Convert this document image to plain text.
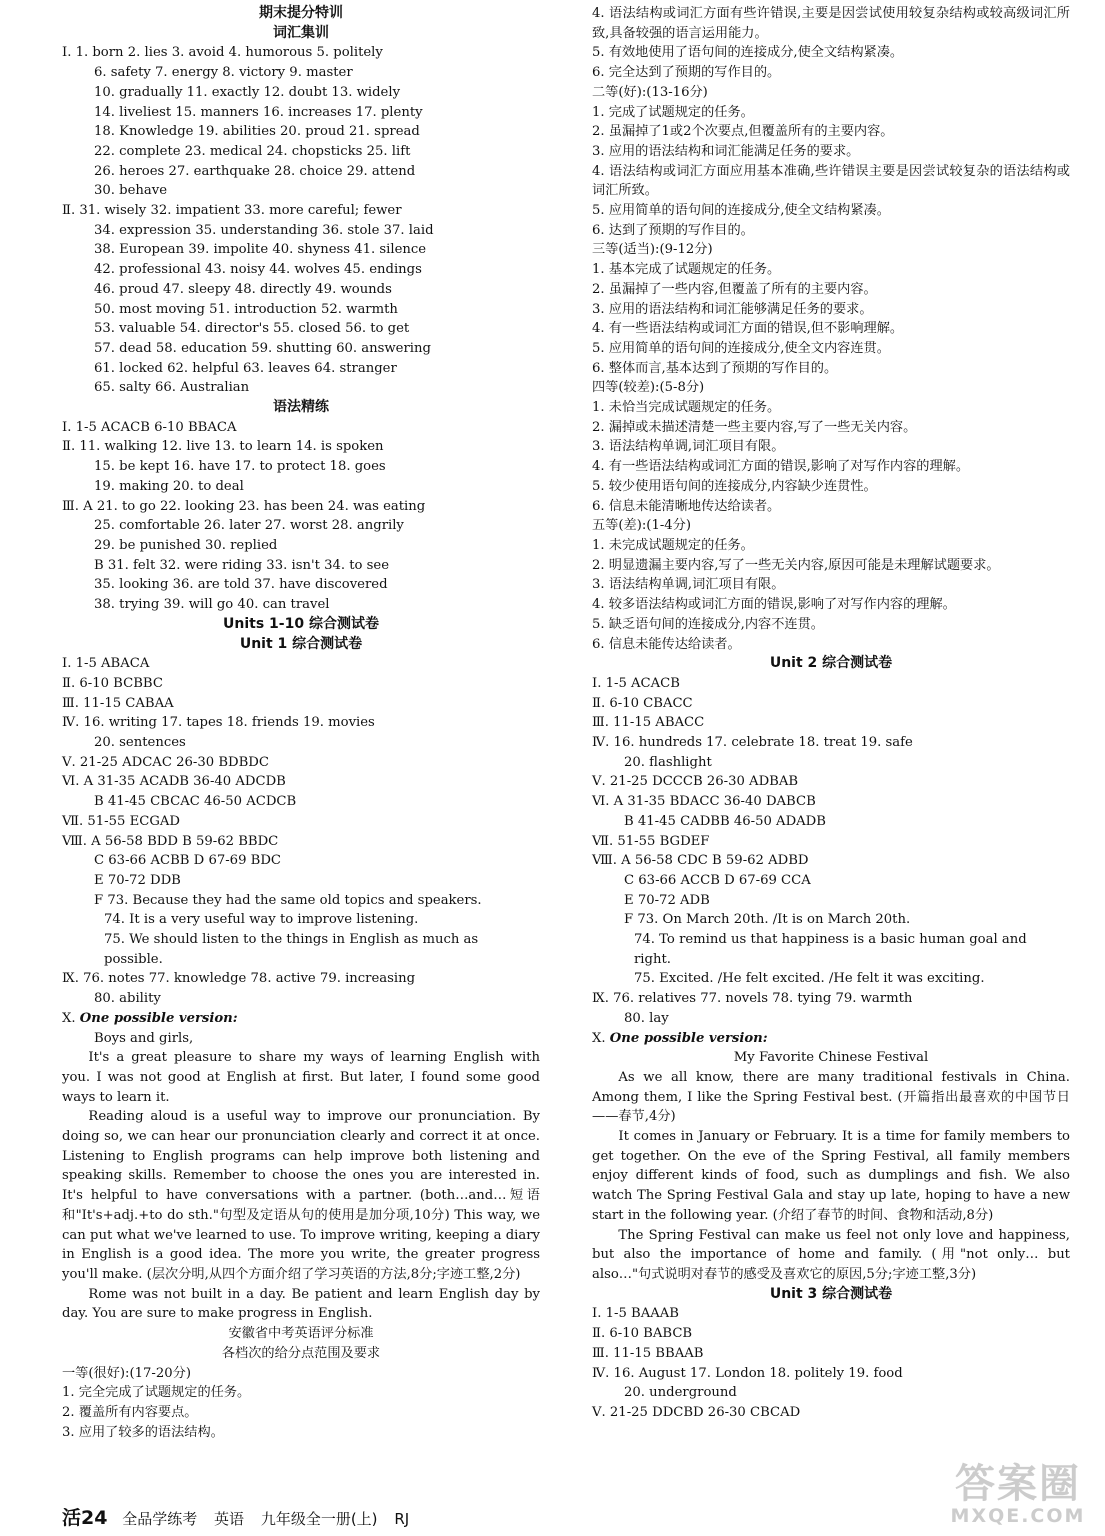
期末提分特训
词汇集训
Ⅰ. 1. born 2. lies 3. avoid 4. humorous 5. politely
6. safety 7. energy 8. victory 9. master
10. gradually 11. exactly 12. doubt 13. widely
14. liveliest 15. manners 16. increases 17. plenty
18. Knowledge 19. abilities 20. proud 21. spread
22. complete 23. medical 24. chopsticks 25. lift
26. heroes 27. earthquake 28. choice 29. attend
30. behave
Ⅱ. 31. wisely 32. impatient 33. more careful; fewer
34. expression 35. understanding 36. stole 37. laid
38. European 39. impolite 40. shyness 41. silence
42. professional 43. noisy 44. wolves 45. endings
46. proud 47. sleepy 48. directly 49. wounds
50. most moving 51. introduction 52. warmth
53. valuable 54. director's 55. closed 56. to get
57. dead 58. education 59. shutting 60. answering
61. locked 62. helpful 63. leaves 64. stranger
65. salty 66. Australian
语法精练
Ⅰ. 1-5 ACACB 6-10 BBACA
Ⅱ. 11. walking 12. live 13. to learn 14. is spoken
15. be kept 16. have 17. to protect 18. goes
19. making 20. to deal
Ⅲ. A 21. to go 22. looking 23. has been 24. was eating
25. comfortable 26. later 27. worst 28. angrily
29. be punished 30. replied
B 31. felt 32. were riding 33. isn't 34. to see
35. looking 36. are told 37. have discovered
38. trying 39. will go 40. can travel
Units 1-10 综合测试卷
Unit 1 综合测试卷
Ⅰ. 1-5 ABACA
Ⅱ. 6-10 BCBBC
Ⅲ. 11-15 CABAA
Ⅳ. 16. writing 17. tapes 18. friends 19. movies
20. sentences
Ⅴ. 21-25 ADCAC 26-30 BDBDC
Ⅵ. A 31-35 ACADB 36-40 ADCDB
B 41-45 CBCAC 46-50 ACDCB
Ⅶ. 51-55 ECGAD
Ⅷ. A 56-58 BDD B 59-62 BBDC
C 63-66 ACBB D 67-69 BDC
E 70-72 DDB
F 73. Because they had the same old topics and speakers.
74. It is a very useful way to improve listening.
75. We should listen to the things in English as much as
possible.
Ⅸ. 76. notes 77. knowledge 78. active 79. increasing
80. ability
Ⅹ. One possible version:
Boys and girls,
It's a great pleasure to share my ways of learning English with you. I was not good at English at first. But later, I found some good ways to learn it.
Reading aloud is a useful way to improve our pronunciation. By doing so, we can hear our pronunciation clearly and correct it at once. Listening to English programs can help improve both listening and speaking skills. Remember to choose the ones you are interested in. It's helpful to have conversations with a partner. (both…and…短语和"It's+adj.+to do sth."句型及定语从句的使用是加分项,10分) This way, we can put what we've learned to use. To improve writing, keeping a diary in English is a good idea. The more you write, the greater progress you'll make. (层次分明,从四个方面介绍了学习英语的方法,8分;字迹工整,2分)
Rome was not built in a day. Be patient and learn English day by day. You are sure to make progress in English.
安徽省中考英语评分标准
各档次的给分点范围及要求
一等(很好):(17-20分)
1. 完全完成了试题规定的任务。
2. 覆盖所有内容要点。
3. 应用了较多的语法结构。
4. 语法结构或词汇方面有些许错误,主要是因尝试使用较复杂结构或较高级词汇所致,具备较强的语言运用能力。
5. 有效地使用了语句间的连接成分,使全文结构紧凑。
6. 完全达到了预期的写作目的。
二等(好):(13-16分)
1. 完成了试题规定的任务。
2. 虽漏掉了1或2个次要点,但覆盖所有的主要内容。
3. 应用的语法结构和词汇能满足任务的要求。
4. 语法结构或词汇方面应用基本准确,些许错误主要是因尝试较复杂的语法结构或词汇所致。
5. 应用简单的语句间的连接成分,使全文结构紧凑。
6. 达到了预期的写作目的。
三等(适当):(9-12分)
1. 基本完成了试题规定的任务。
2. 虽漏掉了一些内容,但覆盖了所有的主要内容。
3. 应用的语法结构和词汇能够满足任务的要求。
4. 有一些语法结构或词汇方面的错误,但不影响理解。
5. 应用简单的语句间的连接成分,使全文内容连贯。
6. 整体而言,基本达到了预期的写作目的。
四等(较差):(5-8分)
1. 未恰当完成试题规定的任务。
2. 漏掉或未描述清楚一些主要内容,写了一些无关内容。
3. 语法结构单调,词汇项目有限。
4. 有一些语法结构或词汇方面的错误,影响了对写作内容的理解。
5. 较少使用语句间的连接成分,内容缺少连贯性。
6. 信息未能清晰地传达给读者。
五等(差):(1-4分)
1. 未完成试题规定的任务。
2. 明显遗漏主要内容,写了一些无关内容,原因可能是未理解试题要求。
3. 语法结构单调,词汇项目有限。
4. 较多语法结构或词汇方面的错误,影响了对写作内容的理解。
5. 缺乏语句间的连接成分,内容不连贯。
6. 信息未能传达给读者。
Unit 2 综合测试卷
Ⅰ. 1-5 ACACB
Ⅱ. 6-10 CBACC
Ⅲ. 11-15 ABACC
Ⅳ. 16. hundreds 17. celebrate 18. treat 19. safe
20. flashlight
Ⅴ. 21-25 DCCCB 26-30 ADBAB
Ⅵ. A 31-35 BDACC 36-40 DABCB
B 41-45 CADBB 46-50 ADADB
Ⅶ. 51-55 BGDEF
Ⅷ. A 56-58 CDC B 59-62 ADBD
C 63-66 ACCB D 67-69 CCA
E 70-72 ADB
F 73. On March 20th. /It is on March 20th.
74. To remind us that happiness is a basic human goal and
right.
75. Excited. /He felt excited. /He felt it was exciting.
Ⅸ. 76. relatives 77. novels 78. tying 79. warmth
80. lay
Ⅹ. One possible version:
My Favorite Chinese Festival
As we all know, there are many traditional festivals in China. Among them, I like the Spring Festival best. (开篇指出最喜欢的中国节日——春节,4分)
It comes in January or February. It is a time for family members to get together. On the eve of the Spring Festival, all family members enjoy different kinds of food, such as dumplings and fish. We also watch The Spring Festival Gala and stay up late, hoping to have a new start in the following year. (介绍了春节的时间、食物和活动,8分)
The Spring Festival can make us feel not only love and happiness, but also the importance of home and family. (用"not only… but also…"句式说明对春节的感受及喜欢它的原因,5分;字迹工整,3分)
Unit 3 综合测试卷
Ⅰ. 1-5 BAAAB
Ⅱ. 6-10 BABCB
Ⅲ. 11-15 BBAAB
Ⅳ. 16. August 17. London 18. politely 19. food
20. underground
Ⅴ. 21-25 DDCBD 26-30 CBCAD
活24 全品学练考 英语 九年级全一册(上) RJ
答案圈
MXQE.COM
